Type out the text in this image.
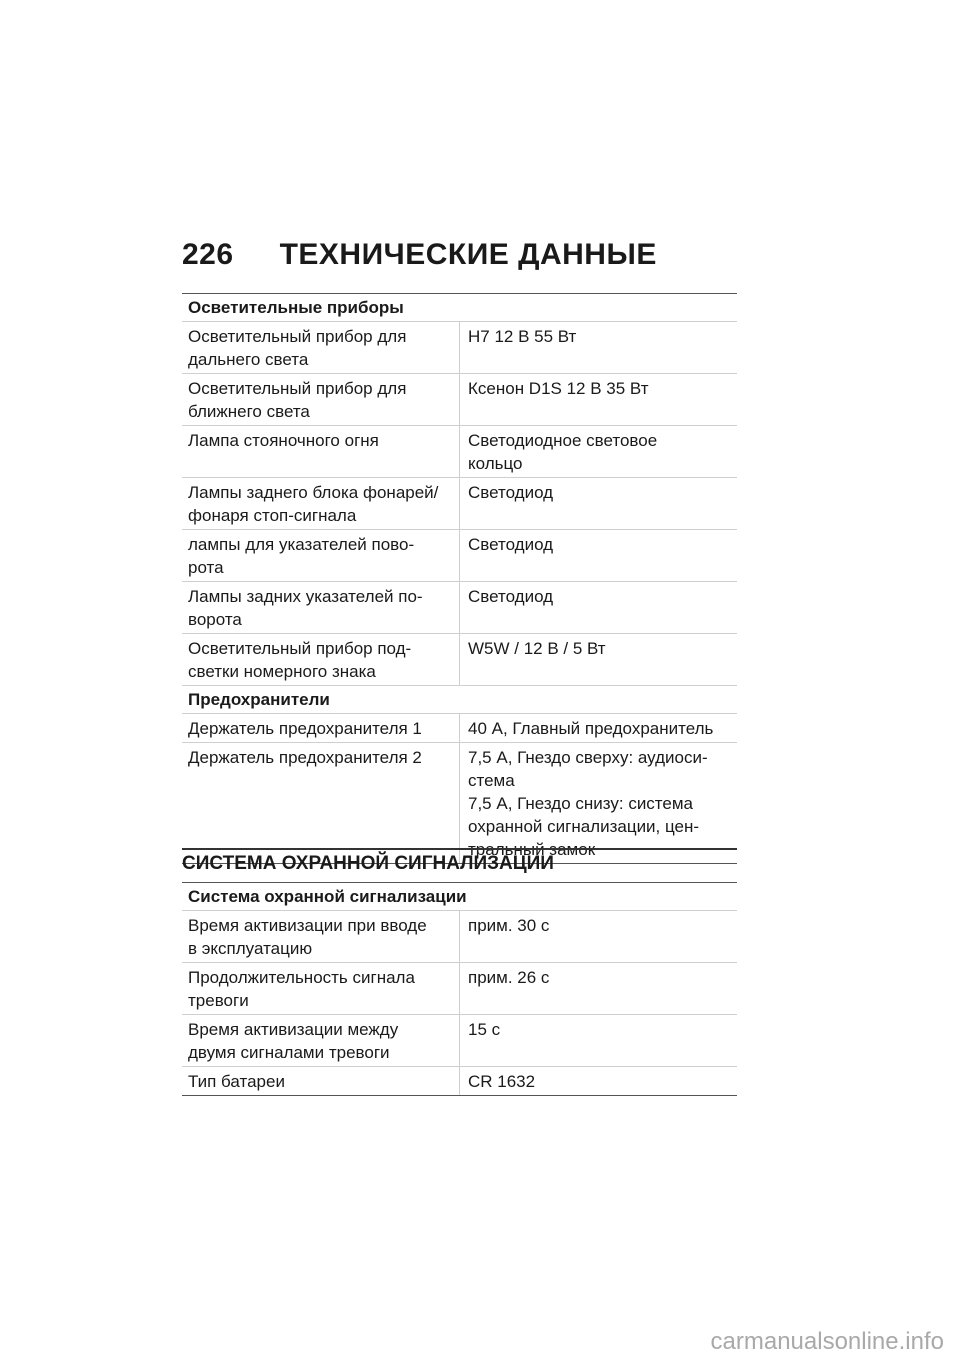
226 ТЕХНИЧЕСКИЕ ДАННЫЕ
Осветительные приборы	

Осветительный прибор для
дальнего света	H7 12 В 55 Вт

Осветительный прибор для
ближнего света	Ксенон D1S 12 В 35 Вт

Лампа стояночного огня	Светодиодное световое
кольцо

Лампы заднего блока фонарей/
фонаря стоп-сигнала	Светодиод

лампы для указателей пово-
рота	Светодиод

Лампы задних указателей по-
ворота	Светодиод

Осветительный прибор под-
светки номерного знака	W5W / 12 В / 5 Вт

Предохранители	

Держатель предохранителя 1	40 А, Главный предохранитель

Держатель предохранителя 2	7,5 А, Гнездо сверху: аудиоси-
стема
7,5 А, Гнездо снизу: система
охранной сигнализации, цен-
тральный замок
СИСТЕМА ОХРАННОЙ СИГНАЛИЗАЦИИ
Система охранной сигнализации	

Время активизации при вводе
в эксплуатацию	прим. 30 с

Продолжительность сигнала
тревоги	прим. 26 с

Время активизации между
двумя сигналами тревоги	15 с

Тип батареи	CR 1632
carmanualsonline.info
